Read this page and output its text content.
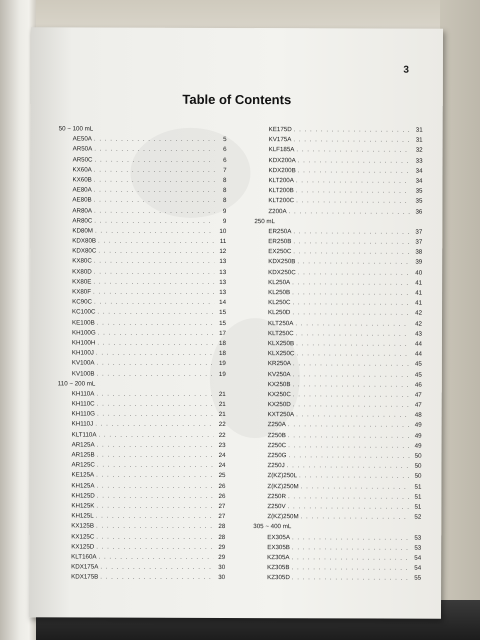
3
Table of Contents
50 ~ 100 mL
AE50A . . .	5
AR50A . . .	6
AR50C . . .	6
KX60A . . .	7
KX60B . . .	8
AE80A . . .	8
AE80B . . .	8
AR80A . . .	9
AR80C . . .	9
KD80M . . .	10
KDX80B . . .	11
KDX80C . . .	12
KX80C . . .	13
KX80D . . .	13
KX80E . . .	13
KX80F . . .	13
KC90C . . .	14
KC100C . . .	15
KE100B . . .	15
KH100G . . .	17
KH100H . . .	18
KH100J . . .	18
KV100A . . .	19
KV100B . . .	19
110 ~ 200 mL
KH110A . . .	21
KH110C . . .	21
KH110G . . .	21
KH110J . . .	22
KLT110A . . .	22
AR125A . . .	23
AR125B . . .	24
AR125C . . .	24
KE125A . . .	25
KH125A . . .	26
KH125D . . .	26
KH125K . . .	27
KH125L . . .	27
KX125B . . .	28
KX125C . . .	28
KX125D . . .	29
KLT160A . . .	29
KDX175A . . .	30
KDX175B . . .	30
KE175D . . .	31
KV175A . . .	31
KLF185A . . .	32
KDX200A . . .	33
KDX200B . . .	34
KLT200A . . .	34
KLT200B . . .	35
KLT200C . . .	35
Z200A . . .	36
250 mL
ER250A . . .	37
ER250B . . .	37
EX250C . . .	38
KDX250B . . .	39
KDX250C . . .	40
KL250A . . .	41
KL250B . . .	41
KL250C . . .	41
KL250D . . .	42
KLT250A . . .	42
KLT250C . . .	43
KLX250B . . .	44
KLX250C . . .	44
KR250A . . .	45
KV250A . . .	45
KX250B . . .	46
KX250C . . .	47
KX250D . . .	47
KXT250A . . .	48
Z250A . . .	49
Z250B . . .	49
Z250C . . .	49
Z250G . . .	50
Z250J . . .	50
Z(KZ)250L . . .	50
Z(KZ)250M . . .	51
Z250R . . .	51
Z250V . . .	51
Z(KZ)250M . . .	52
305 ~ 400 mL
EX305A . . .	53
EX305B . . .	53
KZ305A . . .	54
KZ305B . . .	54
KZ305D . . .	55
